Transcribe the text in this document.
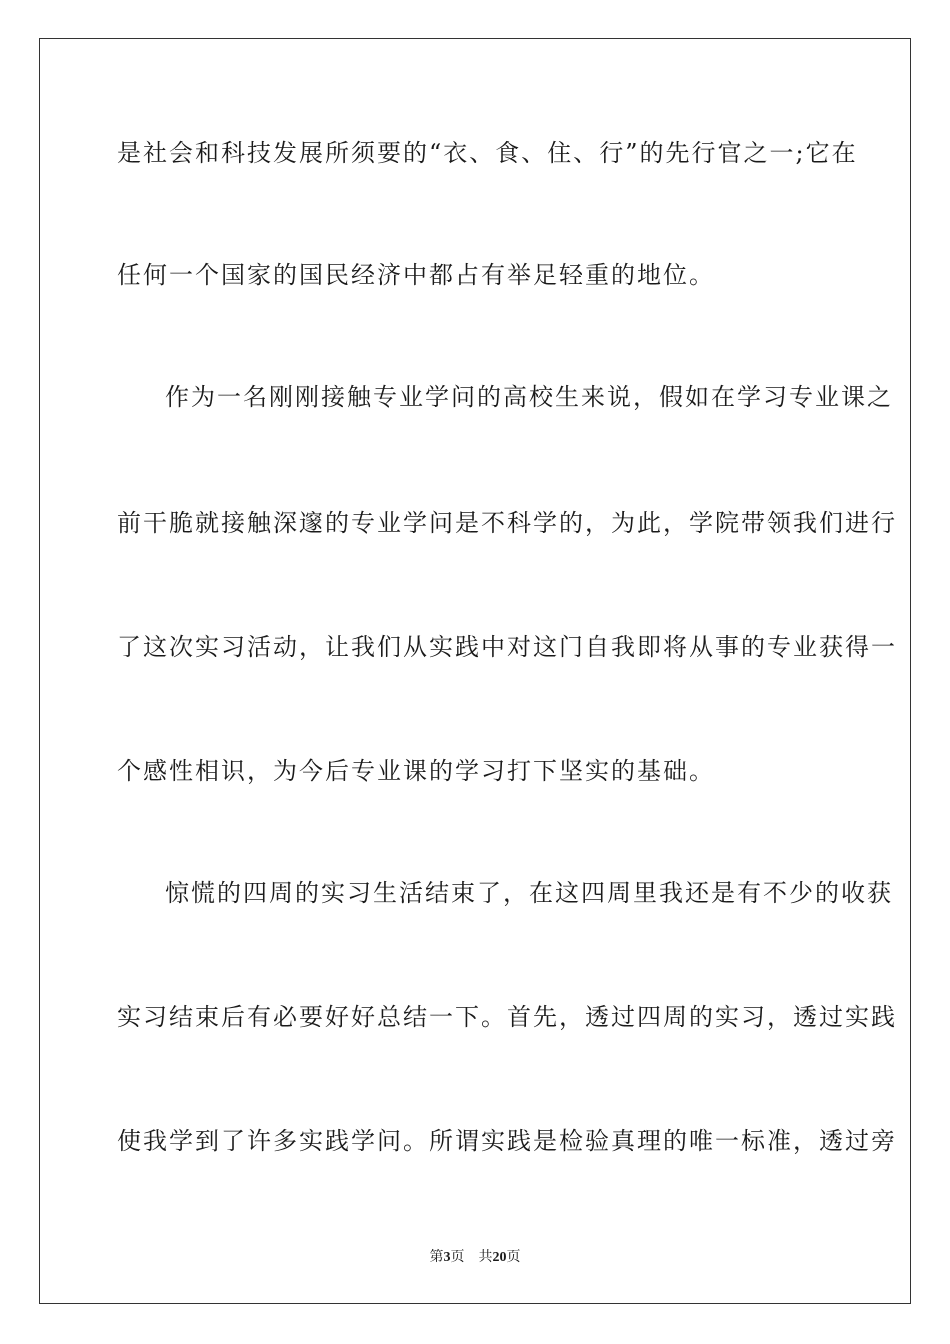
是社会和科技发展所须要的“衣、食、住、行”的先行官之一;它在
任何一个国家的国民经济中都占有举足轻重的地位。
作为一名刚刚接触专业学问的高校生来说，假如在学习专业课之
前干脆就接触深邃的专业学问是不科学的，为此，学院带领我们进行
了这次实习活动，让我们从实践中对这门自我即将从事的专业获得一
个感性相识，为今后专业课的学习打下坚实的基础。
惊慌的四周的实习生活结束了，在这四周里我还是有不少的收获
实习结束后有必要好好总结一下。首先，透过四周的实习，透过实践
使我学到了许多实践学问。所谓实践是检验真理的唯一标准，透过旁
第3页 共20页
